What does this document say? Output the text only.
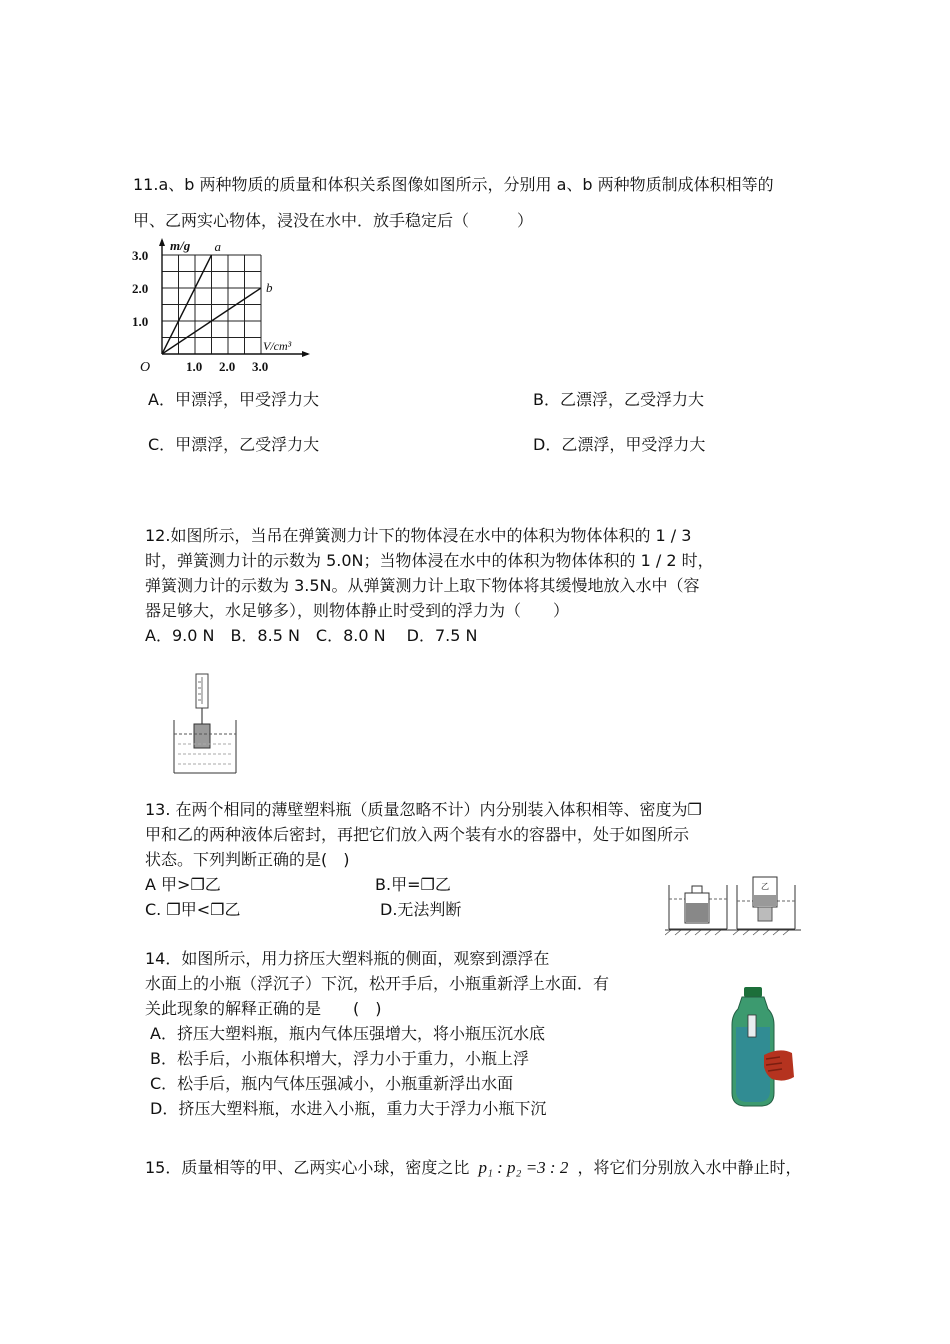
11.a、b 两种物质的质量和体积关系图像如图所示，分别用 a、b 两种物质制成体积相等的
甲、乙两实心物体，浸没在水中．放手稳定后（　　　）
a
b
1.0
2.0
3.0
1.0 2.0 3.0
O
m/g
V/cm³
A．甲漂浮，甲受浮力大	B．乙漂浮，乙受浮力大
C．甲漂浮，乙受浮力大	D．乙漂浮，甲受浮力大
12.如图所示，当吊在弹簧测力计下的物体浸在水中的体积为物体体积的 1 / 3
时，弹簧测力计的示数为 5.0N；当物体浸在水中的体积为物体体积的 1 / 2 时，
弹簧测力计的示数为 3.5N。从弹簧测力计上取下物体将其缓慢地放入水中（容
器足够大，水足够多），则物体静止时受到的浮力为（　　）
A．9.0 N　B．8.5 N　C．8.0 N　 D．7.5 N
13. 在两个相同的薄壁塑料瓶（质量忽略不计）内分别装入体积相等、密度为❐
甲和乙的两种液体后密封，再把它们放入两个装有水的容器中，处于如图所示
状态。下列判断正确的是(　)
A 甲>❐乙	B.甲=❐乙
C. ❐甲<❐乙	D.无法判断
乙
14．如图所示，用力挤压大塑料瓶的侧面，观察到漂浮在
水面上的小瓶（浮沉子）下沉，松开手后，小瓶重新浮上水面．有
关此现象的解释正确的是　　(　)
A．挤压大塑料瓶，瓶内气体压强增大，将小瓶压沉水底
B．松手后，小瓶体积增大，浮力小于重力，小瓶上浮
C．松手后，瓶内气体压强减小，小瓶重新浮出水面
D．挤压大塑料瓶，水进入小瓶，重力大于浮力小瓶下沉
15．质量相等的甲、乙两实心小球，密度之比 p₁ : p₂ =3 : 2 ，将它们分别放入水中静止时，
